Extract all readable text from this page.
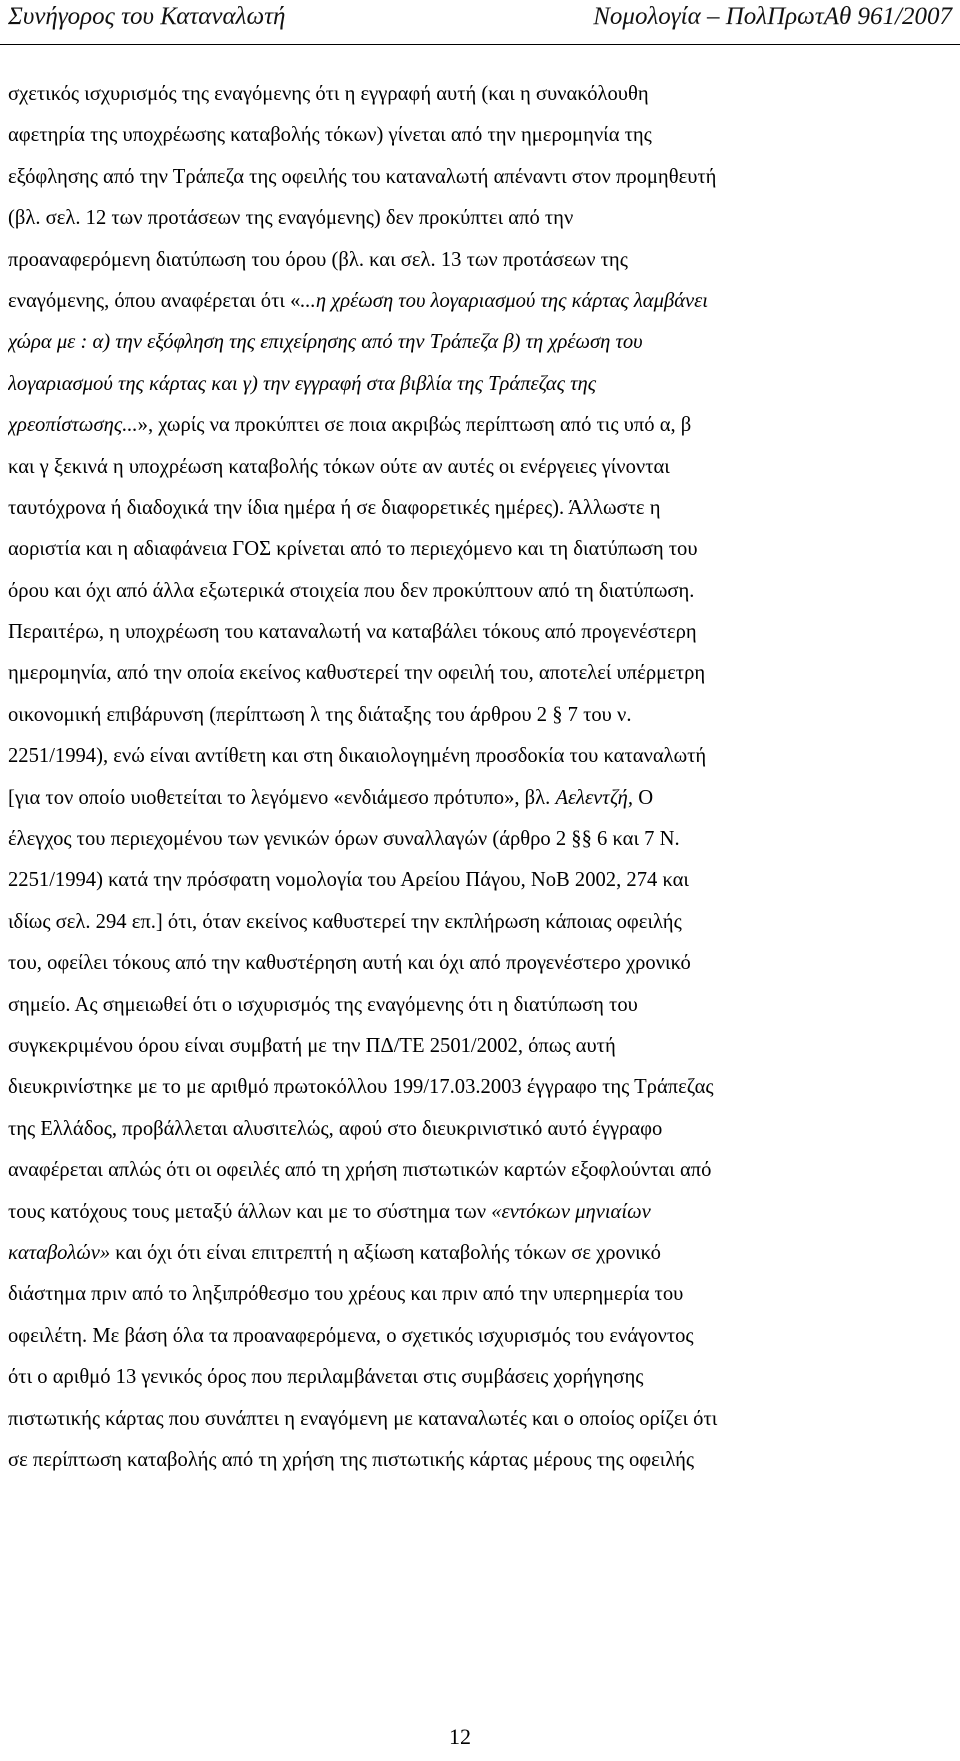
Συνήγορος του Καταναλωτή	Νομολογία – ΠολΠρωτΑθ 961/2007
σχετικός ισχυρισμός της εναγόμενης ότι η εγγραφή αυτή (και η συνακόλουθη
αφετηρία της υποχρέωσης καταβολής τόκων) γίνεται από την ημερομηνία της
εξόφλησης από την Τράπεζα της οφειλής του καταναλωτή απέναντι στον προμηθευτή
(βλ. σελ. 12 των προτάσεων της εναγόμενης) δεν προκύπτει από την
προαναφερόμενη διατύπωση του όρου (βλ. και σελ. 13 των προτάσεων της
εναγόμενης, όπου αναφέρεται ότι «...η χρέωση του λογαριασμού της κάρτας λαμβάνει
χώρα με : α) την εξόφληση της επιχείρησης από την Τράπεζα β) τη χρέωση του
λογαριασμού της κάρτας και γ) την εγγραφή στα βιβλία της Τράπεζας της
χρεοπίστωσης...», χωρίς να προκύπτει σε ποια ακριβώς περίπτωση από τις υπό α, β
και γ ξεκινά η υποχρέωση καταβολής τόκων ούτε αν αυτές οι ενέργειες γίνονται
ταυτόχρονα ή διαδοχικά την ίδια ημέρα ή σε διαφορετικές ημέρες). Άλλωστε η
αοριστία και η αδιαφάνεια ΓΟΣ κρίνεται από το περιεχόμενο και τη διατύπωση του
όρου και όχι από άλλα εξωτερικά στοιχεία που δεν προκύπτουν από τη διατύπωση.
Περαιτέρω, η υποχρέωση του καταναλωτή να καταβάλει τόκους από προγενέστερη
ημερομηνία, από την οποία εκείνος καθυστερεί την οφειλή του, αποτελεί υπέρμετρη
οικονομική επιβάρυνση (περίπτωση λ της διάταξης του άρθρου 2 § 7 του ν.
2251/1994), ενώ είναι αντίθετη και στη δικαιολογημένη προσδοκία του καταναλωτή
[για τον οποίο υιοθετείται το λεγόμενο «ενδιάμεσο πρότυπο», βλ. Αελεντζή, Ο
έλεγχος του περιεχομένου των γενικών όρων συναλλαγών (άρθρο 2 §§ 6 και 7 Ν.
2251/1994) κατά την πρόσφατη νομολογία του Αρείου Πάγου, ΝοΒ 2002, 274 και
ιδίως σελ. 294 επ.] ότι, όταν εκείνος καθυστερεί την εκπλήρωση κάποιας οφειλής
του, οφείλει τόκους από την καθυστέρηση αυτή και όχι από προγενέστερο χρονικό
σημείο. Ας σημειωθεί ότι ο ισχυρισμός της εναγόμενης ότι η διατύπωση του
συγκεκριμένου όρου είναι συμβατή με την ΠΔ/ΤΕ 2501/2002, όπως αυτή
διευκρινίστηκε με το με αριθμό πρωτοκόλλου 199/17.03.2003 έγγραφο της Τράπεζας
της Ελλάδος, προβάλλεται αλυσιτελώς, αφού στο διευκρινιστικό αυτό έγγραφο
αναφέρεται απλώς ότι οι οφειλές από τη χρήση πιστωτικών καρτών εξοφλούνται από
τους κατόχους τους μεταξύ άλλων και με το σύστημα των «εντόκων μηνιαίων
καταβολών» και όχι ότι είναι επιτρεπτή η αξίωση καταβολής τόκων σε χρονικό
διάστημα πριν από το ληξιπρόθεσμο του χρέους και πριν από την υπερημερία του
οφειλέτη. Με βάση όλα τα προαναφερόμενα, ο σχετικός ισχυρισμός του ενάγοντος
ότι ο αριθμό 13 γενικός όρος που περιλαμβάνεται στις συμβάσεις χορήγησης
πιστωτικής κάρτας που συνάπτει η εναγόμενη με καταναλωτές και ο οποίος ορίζει ότι
σε περίπτωση καταβολής από τη χρήση της πιστωτικής κάρτας μέρους της οφειλής
12
